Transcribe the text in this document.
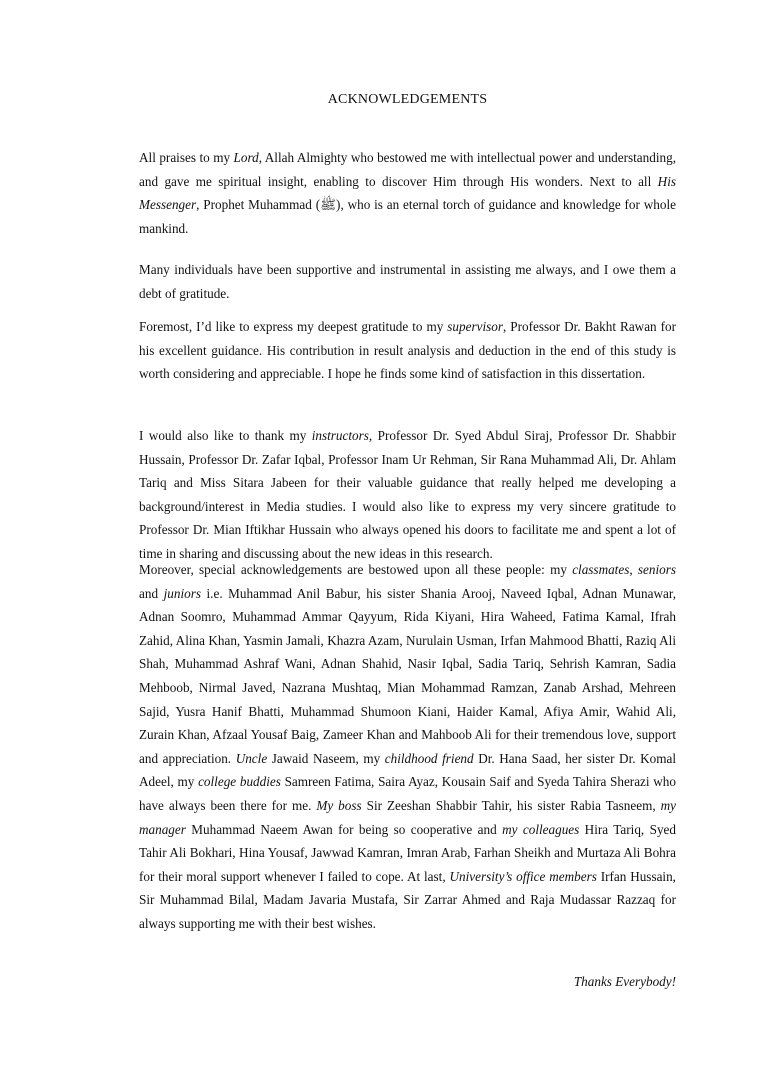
ACKNOWLEDGEMENTS

All praises to my Lord, Allah Almighty who bestowed me with intellectual power and understanding, and gave me spiritual insight, enabling to discover Him through His wonders. Next to all His Messenger, Prophet Muhammad (ﷺ), who is an eternal torch of guidance and knowledge for whole mankind.

Many individuals have been supportive and instrumental in assisting me always, and I owe them a debt of gratitude.

Foremost, I’d like to express my deepest gratitude to my supervisor, Professor Dr. Bakht Rawan for his excellent guidance. His contribution in result analysis and deduction in the end of this study is worth considering and appreciable. I hope he finds some kind of satisfaction in this dissertation.

I would also like to thank my instructors, Professor Dr. Syed Abdul Siraj, Professor Dr. Shabbir Hussain, Professor Dr. Zafar Iqbal, Professor Inam Ur Rehman, Sir Rana Muhammad Ali, Dr. Ahlam Tariq and Miss Sitara Jabeen for their valuable guidance that really helped me developing a background/interest in Media studies. I would also like to express my very sincere gratitude to Professor Dr. Mian Iftikhar Hussain who always opened his doors to facilitate me and spent a lot of time in sharing and discussing about the new ideas in this research.

Moreover, special acknowledgements are bestowed upon all these people: my classmates, seniors and juniors i.e. Muhammad Anil Babur, his sister Shania Arooj, Naveed Iqbal, Adnan Munawar, Adnan Soomro, Muhammad Ammar Qayyum, Rida Kiyani, Hira Waheed, Fatima Kamal, Ifrah Zahid, Alina Khan, Yasmin Jamali, Khazra Azam, Nurulain Usman, Irfan Mahmood Bhatti, Raziq Ali Shah, Muhammad Ashraf Wani, Adnan Shahid, Nasir Iqbal, Sadia Tariq, Sehrish Kamran, Sadia Mehboob, Nirmal Javed, Nazrana Mushtaq, Mian Mohammad Ramzan, Zanab Arshad, Mehreen Sajid, Yusra Hanif Bhatti, Muhammad Shumoon Kiani, Haider Kamal, Afiya Amir, Wahid Ali, Zurain Khan, Afzaal Yousaf Baig, Zameer Khan and Mahboob Ali for their tremendous love, support and appreciation. Uncle Jawaid Naseem, my childhood friend Dr. Hana Saad, her sister Dr. Komal Adeel, my college buddies Samreen Fatima, Saira Ayaz, Kousain Saif and Syeda Tahira Sherazi who have always been there for me. My boss Sir Zeeshan Shabbir Tahir, his sister Rabia Tasneem, my manager Muhammad Naeem Awan for being so cooperative and my colleagues Hira Tariq, Syed Tahir Ali Bokhari, Hina Yousaf, Jawwad Kamran, Imran Arab, Farhan Sheikh and Murtaza Ali Bohra for their moral support whenever I failed to cope. At last, University’s office members Irfan Hussain, Sir Muhammad Bilal, Madam Javaria Mustafa, Sir Zarrar Ahmed and Raja Mudassar Razzaq for always supporting me with their best wishes.

Thanks Everybody!
